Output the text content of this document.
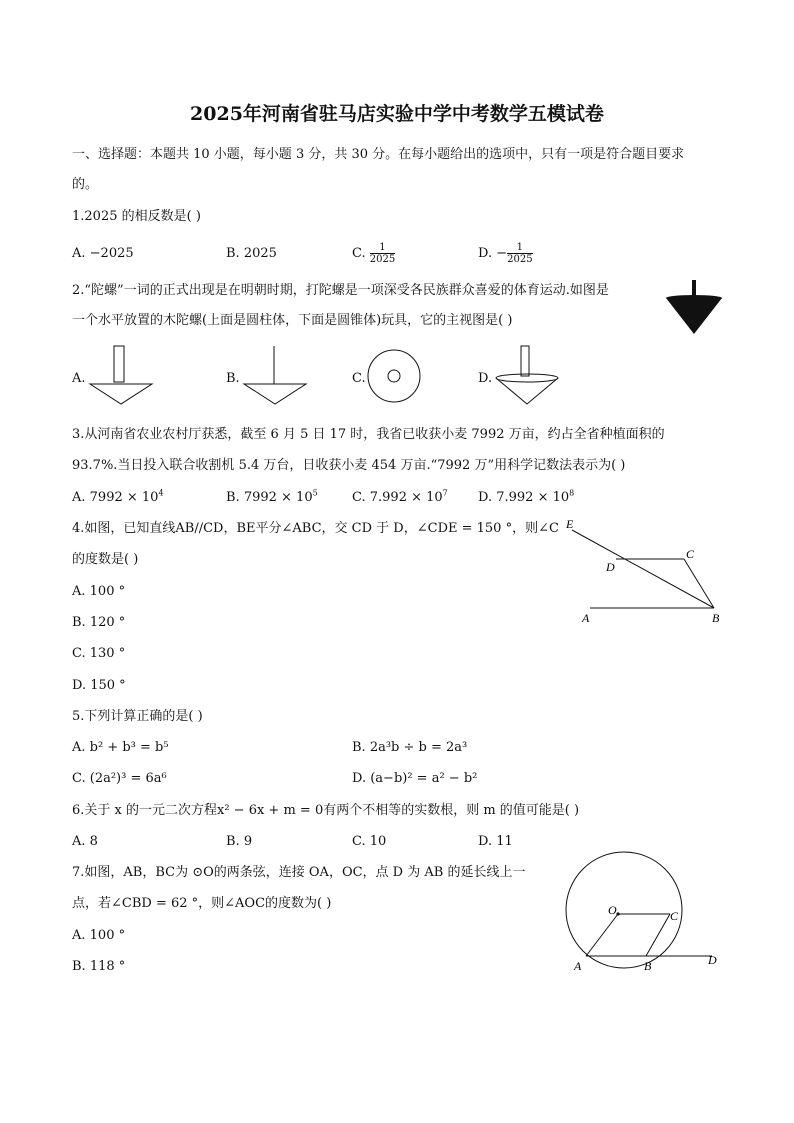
2025年河南省驻马店实验中学中考数学五模试卷
一、选择题：本题共 10 小题，每小题 3 分，共 30 分。在每小题给出的选项中，只有一项是符合题目要求
的。
1.2025 的相反数是( )
A. −2025	B. 2025	C. $\frac{1}{2025}$	D. − $\frac{1}{2025}$
2.“陀螺”一词的正式出现是在明朝时期，打陀螺是一项深受各民族群众喜爱的体育运动.如图是
一个水平放置的木陀螺(上面是圆柱体，下面是圆锥体)玩具，它的主视图是( )
A.	B.	C.	D.
3.从河南省农业农村厅获悉，截至 6 月 5 日 17 时，我省已收获小麦 7992 万亩，约占全省种植面积的
93.7%.当日投入联合收割机 5.4 万台，日收获小麦 454 万亩.“7992 万”用科学记数法表示为( )
A. $7992 \times 10^4$	B. $7992 \times 10^5$	C. $7.992 \times 10^7$ D. $7.992 \times 10^8$
4.如图，已知直线AB//CD，BE平分∠ABC，交 CD 于 D，∠CDE = 150 °，则∠C
的度数是( )
A. 100 °
B. 120 °
C. 130 °
D. 150 °
E
C
D
A	B
5.下列计算正确的是( )
A. b² + b³ = b⁵	B. 2a³b ÷ b = 2a³
C. (2a²)³ = 6a⁶	D. (a−b)² = a² − b²
6.关于 x 的一元二次方程x² − 6x + m = 0有两个不相等的实数根，则 m 的值可能是( )
A. 8	B. 9	C. 10	D. 11
7.如图，AB，BC为 ⊙O的两条弦，连接 OA，OC，点 D 为 AB 的延长线上一
点，若∠CBD = 62 °，则∠AOC的度数为( )
A. 100 °
B. 118 °
O	C
A	B	D
